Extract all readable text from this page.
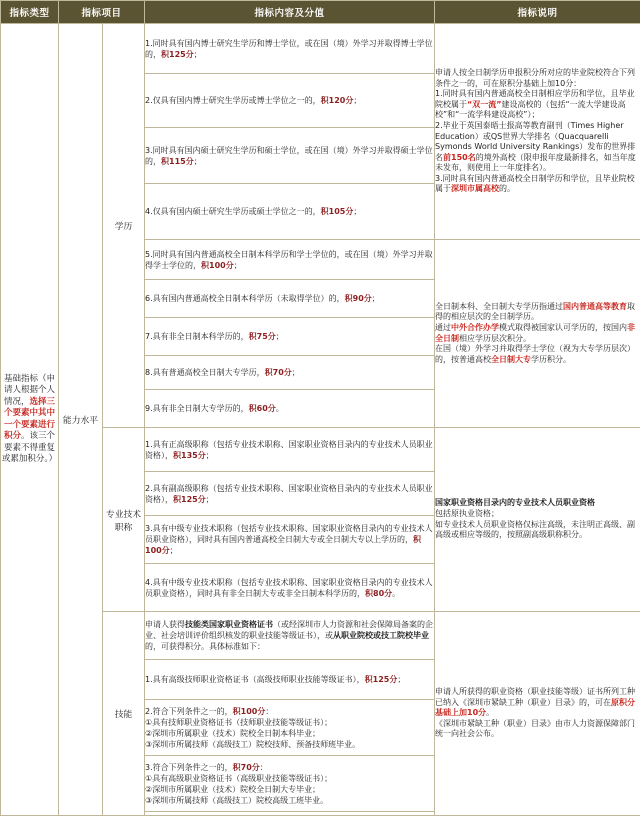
指标类型	指标项目		指标内容及分值	指标说明
基础指标（申请人根据个人情况，选择三个要素中其中一个要素进行积分。该三个要素不得重复或累加积分。）	能力水平	学历	1.同时具有国内博士研究生学历和博士学位，或在国（境）外学习并取得博士学位的，积125分；	申请人按全日制学历申报积分所对应的毕业院校符合下列条件之一的，可在原积分基础上加10分：
1.同时具有国内普通高校全日制相应学历和学位，且毕业院校属于“双一流”建设高校的（包括“一流大学建设高校”和“一流学科建设高校”）；
2.毕业于英国泰晤士报高等教育副刊（Times Higher Education）或QS世界大学排名（Quacquarelli Symonds World University Rankings）发布的世界排名前150名的境外高校（限申报年度最新排名，如当年度未发布，则使用上一年度排名）。
3.同时具有国内普通高校全日制学历和学位，且毕业院校属于深圳市属高校的。

			2.仅具有国内博士研究生学历或博士学位之一的，积120分；	
			3.同时具有国内硕士研究生学历和硕士学位，或在国（境）外学习并取得硕士学位的，积115分；	
			4.仅具有国内硕士研究生学历或硕士学位之一的，积105分；	
			5.同时具有国内普通高校全日制本科学历和学士学位的，或在国（境）外学习并取得学士学位的，积100分；	全日制本科、全日制大专学历指通过国内普通高等教育取得的相应层次的全日制学历。
通过中外合作办学模式取得被国家认可学历的，按国内非全日制相应学历层次积分。
在国（境）外学习并取得学士学位（视为大专学历层次）的，按普通高校全日制大专学历积分。

			6.具有国内普通高校全日制本科学历（未取得学位）的，积90分；	
			7.具有非全日制本科学历的，积75分；	
			8.具有普通高校全日制大专学历，积70分；	
			9.具有非全日制大专学历的，积60分。	
		专业技术职称	1.具有正高级职称（包括专业技术职称、国家职业资格目录内的专业技术人员职业资格），积135分；	国家职业资格目录内的专业技术人员职业资格
包括原执业资格；
如专业技术人员职业资格仅标注高级，未注明正高级、副高级或相应等级的，按照副高级职称积分。

			2.具有副高级职称（包括专业技术职称、国家职业资格目录内的专业技术人员职业资格），积125分；	
			3.具有中级专业技术职称（包括专业技术职称、国家职业资格目录内的专业技术人员职业资格），同时具有国内普通高校全日制大专或全日制大专以上学历的，积100分；	
			4.具有中级专业技术职称（包括专业技术职称、国家职业资格目录内的专业技术人员职业资格），同时具有非全日制大专或非全日制本科学历的，积80分。	
		技能	申请人获得技能类国家职业资格证书（或经深圳市人力资源和社会保障局备案的企业、社会培训评价组织核发的职业技能等级证书），或从职业院校或技工院校毕业的，可获得积分。具体标准如下：	申请人所获得的职业资格（职业技能等级）证书所列工种已纳入《深圳市紧缺工种（职业）目录》的，可在原积分基础上加10分。
《深圳市紧缺工种（职业）目录》由市人力资源保障部门统一向社会公布。

			1.具有高级技师职业资格证书（高级技师职业技能等级证书），积125分；	

			2.符合下列条件之一的，积100分：
①具有技师职业资格证书（技师职业技能等级证书）；
②深圳市所属职业（技术）院校全日制本科毕业；
③深圳市所属技师（高级技工）院校技师、预备技师班毕业。	

			3.符合下列条件之一的，积70分：
①具有高级职业资格证书（高级职业技能等级证书）；
②深圳市所属职业（技术）院校全日制大专毕业；
③深圳市所属技师（高级技工）院校高级工班毕业。	
